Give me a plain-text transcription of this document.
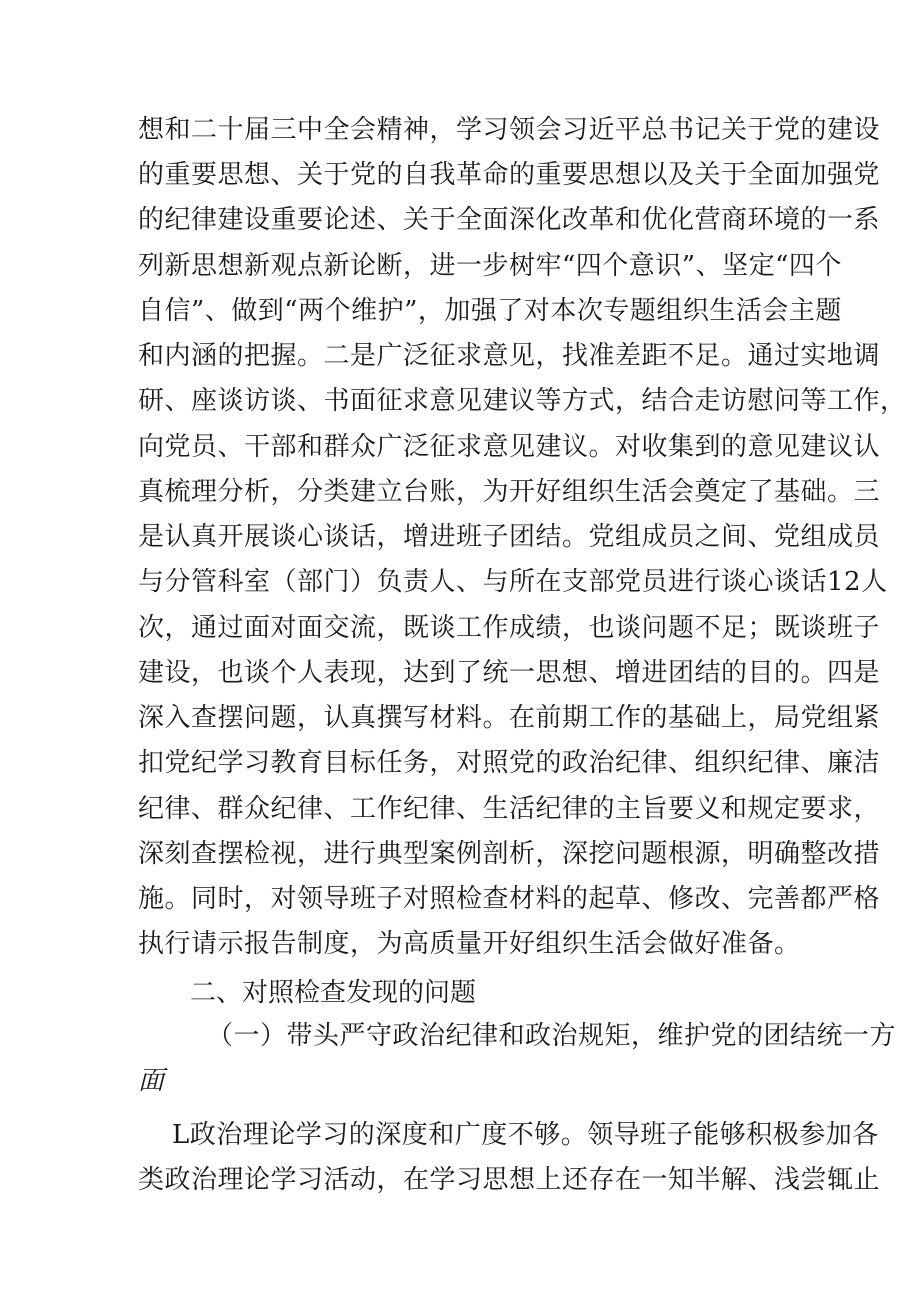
想和二十届三中全会精神，学习领会习近平总书记关于党的建设
的重要思想、关于党的自我革命的重要思想以及关于全面加强党
的纪律建设重要论述、关于全面深化改革和优化营商环境的一系
列新思想新观点新论断，进一步树牢“四个意识”、坚定“四个
自信”、做到“两个维护”，加强了对本次专题组织生活会主题
和内涵的把握。二是广泛征求意见，找准差距不足。通过实地调
研、座谈访谈、书面征求意见建议等方式，结合走访慰问等工作，
向党员、干部和群众广泛征求意见建议。对收集到的意见建议认
真梳理分析，分类建立台账，为开好组织生活会奠定了基础。三
是认真开展谈心谈话，增进班子团结。党组成员之间、党组成员
与分管科室（部门）负责人、与所在支部党员进行谈心谈话12人
次，通过面对面交流，既谈工作成绩，也谈问题不足；既谈班子
建设，也谈个人表现，达到了统一思想、增进团结的目的。四是
深入查摆问题，认真撰写材料。在前期工作的基础上，局党组紧
扣党纪学习教育目标任务，对照党的政治纪律、组织纪律、廉洁
纪律、群众纪律、工作纪律、生活纪律的主旨要义和规定要求，
深刻查摆检视，进行典型案例剖析，深挖问题根源，明确整改措
施。同时，对领导班子对照检查材料的起草、修改、完善都严格
执行请示报告制度，为高质量开好组织生活会做好准备。
二、对照检查发现的问题
（一）带头严守政治纪律和政治规矩，维护党的团结统一方
面
L政治理论学习的深度和广度不够。领导班子能够积极参加各
类政治理论学习活动，在学习思想上还存在一知半解、浅尝辄止
